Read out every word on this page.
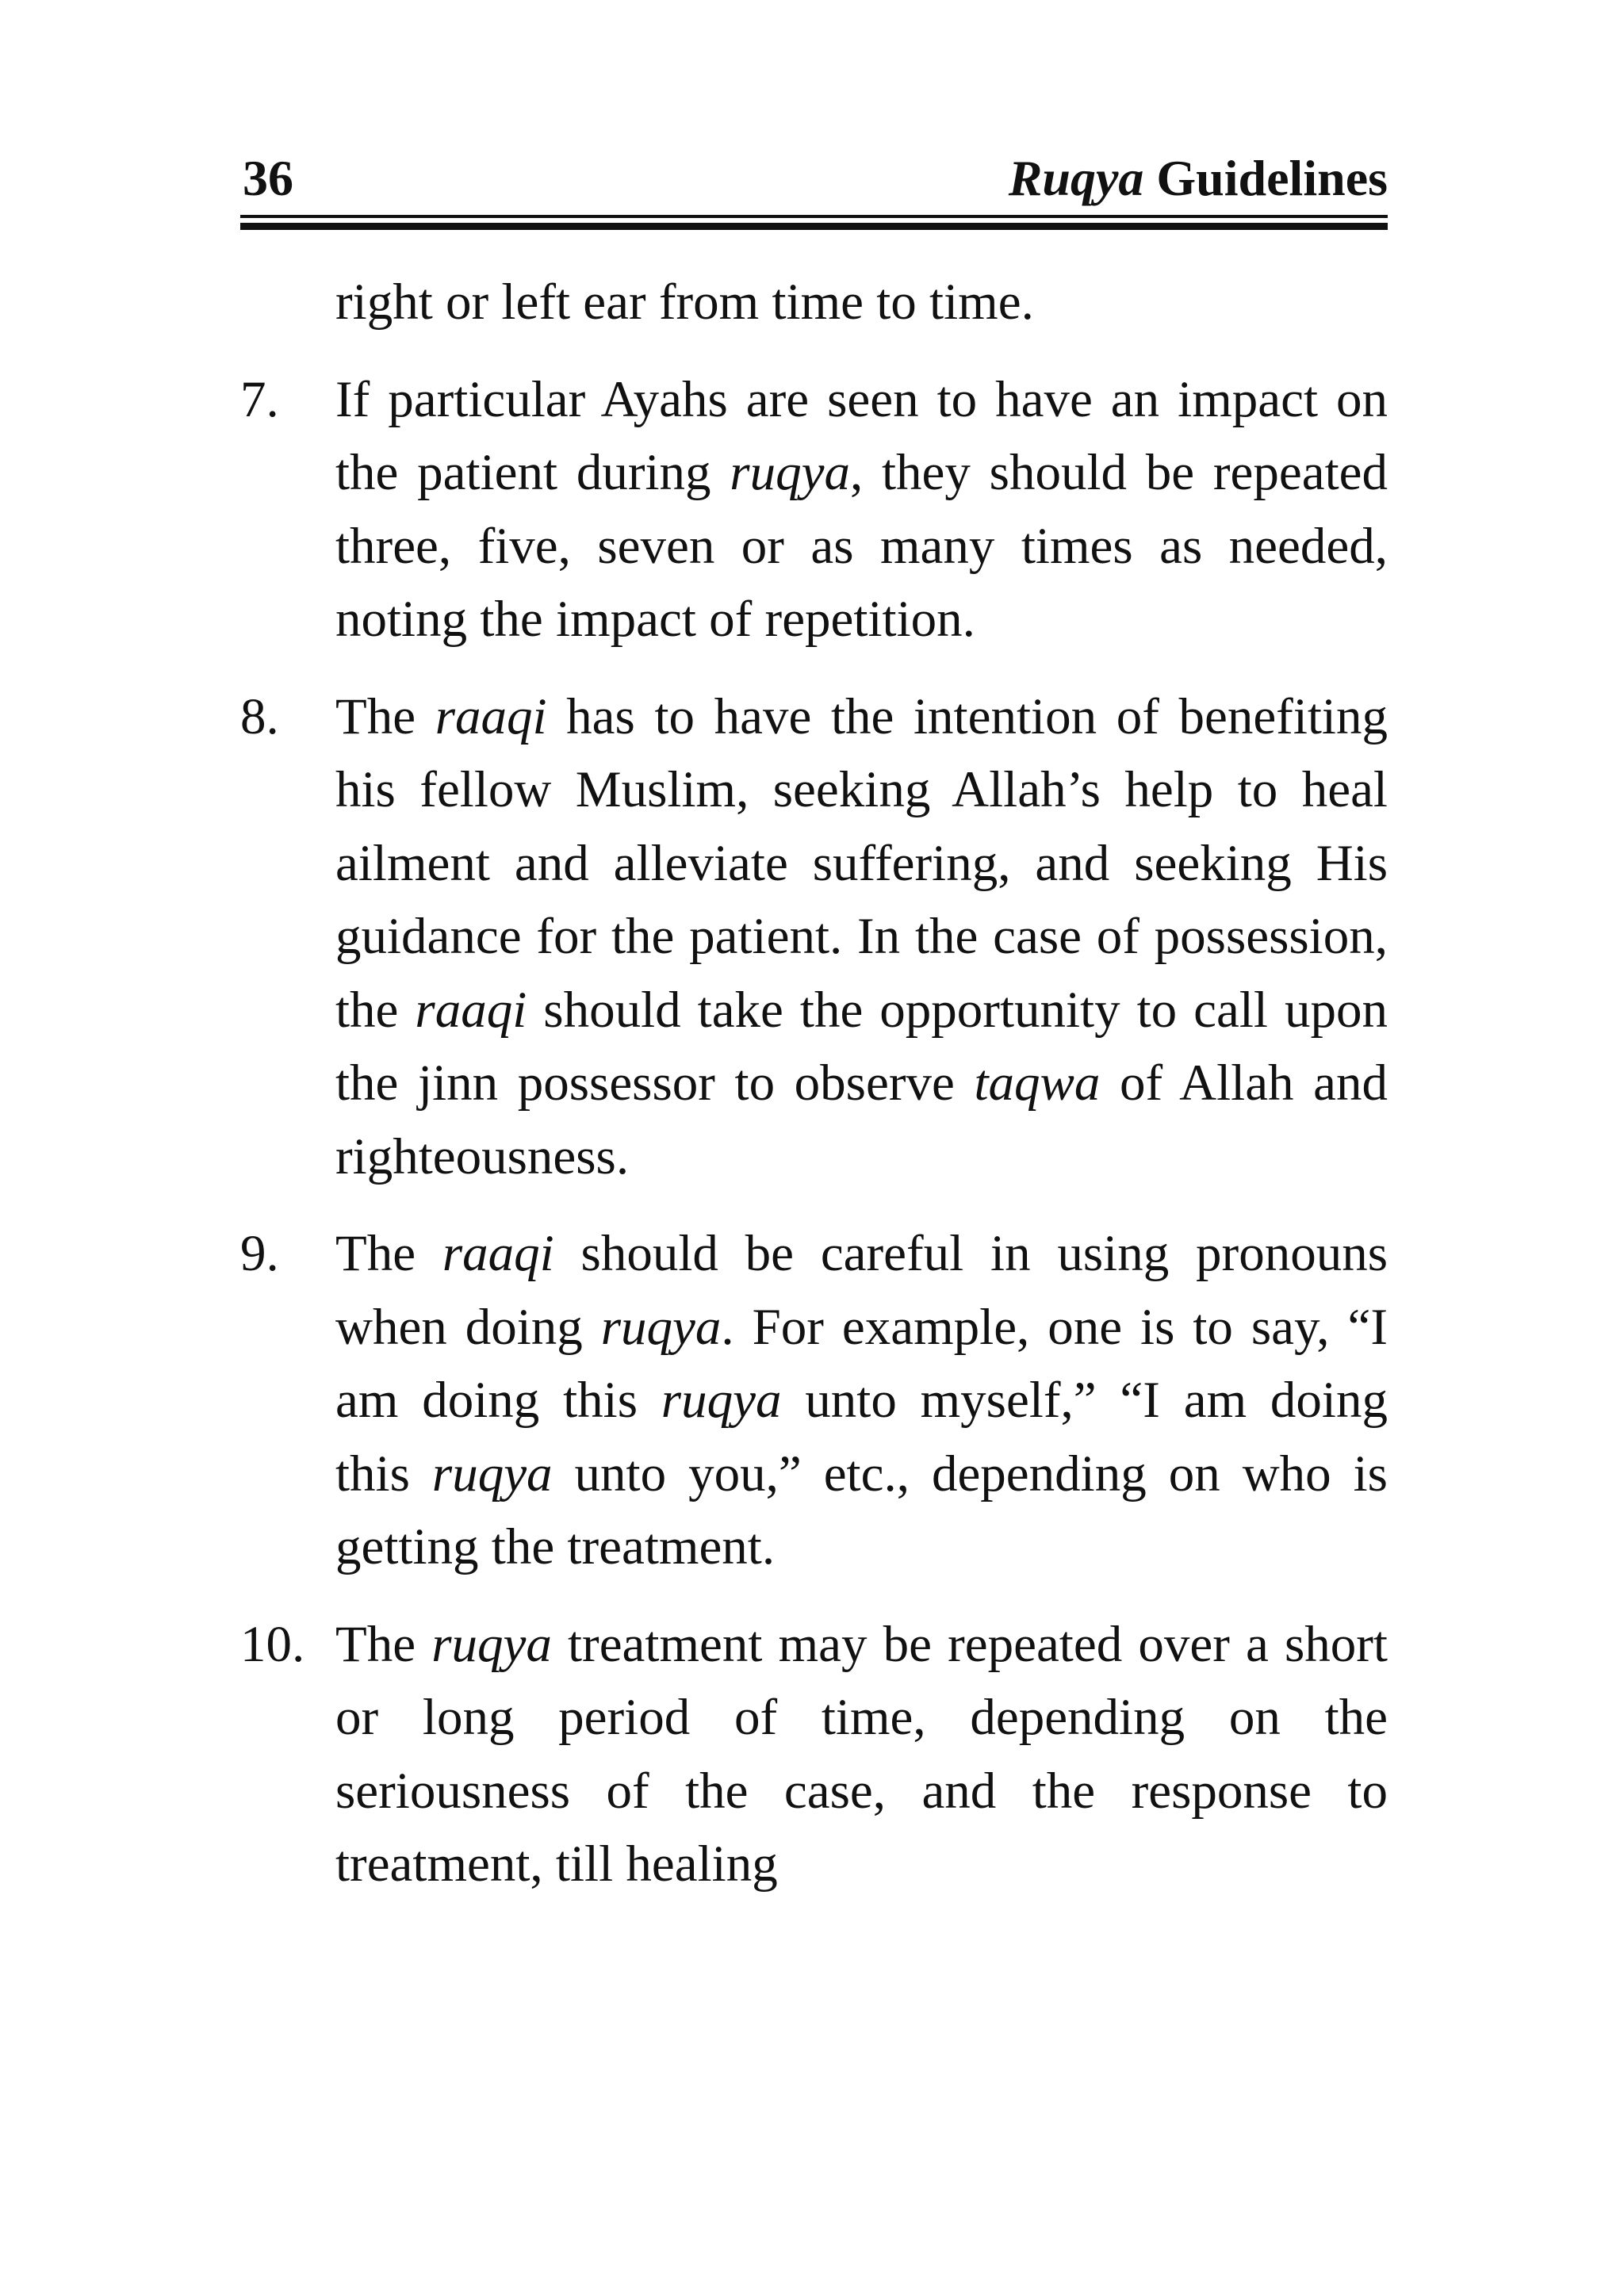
36	Ruqya Guidelines

right or left ear from time to time.

7. If particular Ayahs are seen to have an impact on the patient during ruqya, they should be repeated three, five, seven or as many times as needed, noting the impact of repetition.
8. The raaqi has to have the intention of benefiting his fellow Muslim, seeking Allah’s help to heal ailment and alleviate suffering, and seeking His guidance for the patient. In the case of possession, the raaqi should take the opportunity to call upon the jinn possessor to observe taqwa of Allah and righteousness.
9. The raaqi should be careful in using pronouns when doing ruqya. For example, one is to say, “I am doing this ruqya unto myself,” “I am doing this ruqya unto you,” etc., depending on who is getting the treatment.
10. The ruqya treatment may be repeated over a short or long period of time, depending on the seriousness of the case, and the response to treatment, till healing
